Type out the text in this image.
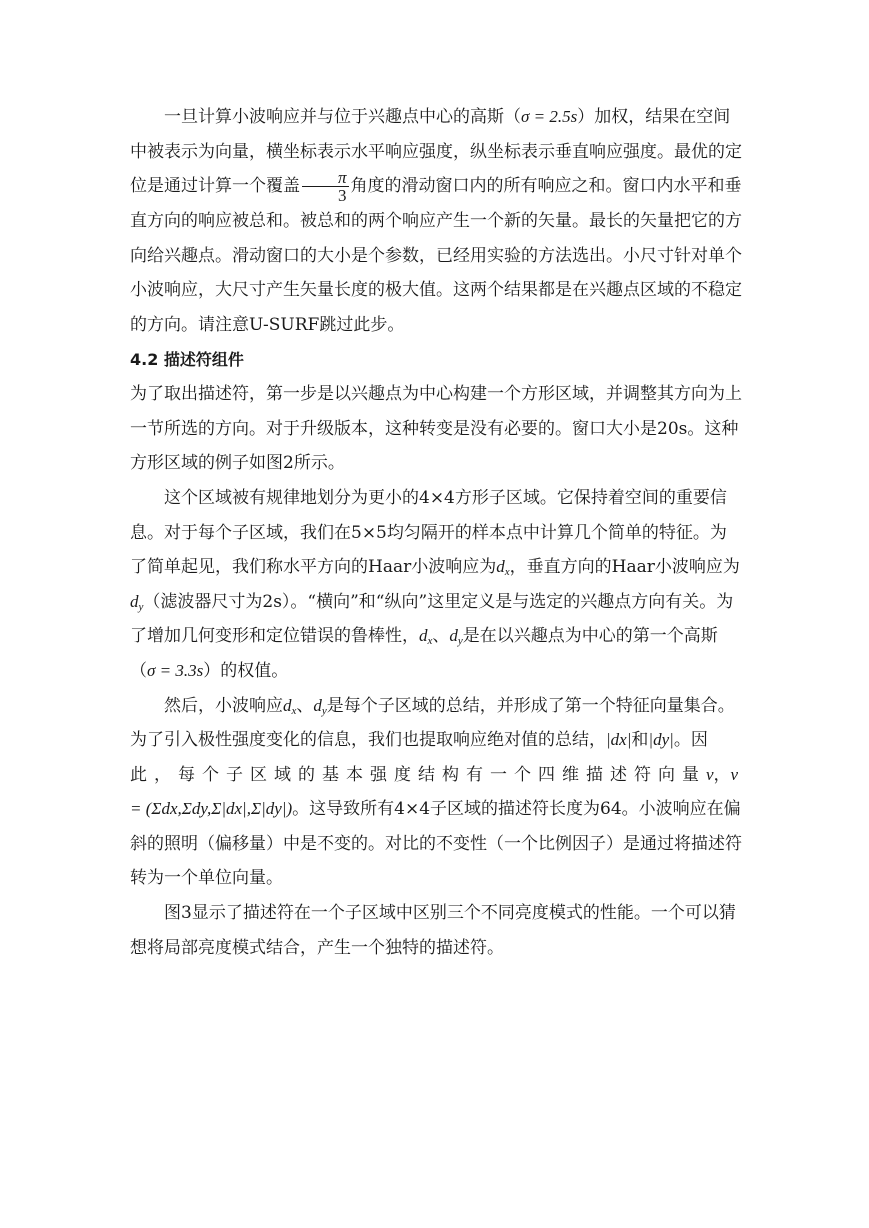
一旦计算小波响应并与位于兴趣点中心的高斯（σ = 2.5s）加权，结果在空间中被表示为向量，横坐标表示水平响应强度，纵坐标表示垂直响应强度。最优的定位是通过计算一个覆盖 $\frac{\pi}{3}$ 角度的滑动窗口内的所有响应之和。窗口内水平和垂直方向的响应被总和。被总和的两个响应产生一个新的矢量。最长的矢量把它的方向给兴趣点。滑动窗口的大小是个参数，已经用实验的方法选出。小尺寸针对单个小波响应，大尺寸产生矢量长度的极大值。这两个结果都是在兴趣点区域的不稳定的方向。请注意U-SURF跳过此步。

4.2 描述符组件

为了取出描述符，第一步是以兴趣点为中心构建一个方形区域，并调整其方向为上一节所选的方向。对于升级版本，这种转变是没有必要的。窗口大小是20s。这种方形区域的例子如图2所示。

这个区域被有规律地划分为更小的4×4方形子区域。它保持着空间的重要信息。对于每个子区域，我们在5×5均匀隔开的样本点中计算几个简单的特征。为了简单起见，我们称水平方向的Haar小波响应为$d_x$，垂直方向的Haar小波响应为$d_y$（滤波器尺寸为2s）。“横向”和“纵向”这里定义是与选定的兴趣点方向有关。为了增加几何变形和定位错误的鲁棒性，$d_x$、$d_y$是在以兴趣点为中心的第一个高斯（σ = 3.3s）的权值。

然后，小波响应$d_x$、$d_y$是每个子区域的总结，并形成了第一个特征向量集合。为了引入极性强度变化的信息，我们也提取响应绝对值的总结，|dx|和|dy|。因此，每个子区域的基本强度结构有一个四维描述符向量v，v = (Σdx,Σdy,Σ|dx|,Σ|dy|)。这导致所有4×4子区域的描述符长度为64。小波响应在偏斜的照明（偏移量）中是不变的。对比的不变性（一个比例因子）是通过将描述符转为一个单位向量。

图3显示了描述符在一个子区域中区别三个不同亮度模式的性能。一个可以猜想将局部亮度模式结合，产生一个独特的描述符。
